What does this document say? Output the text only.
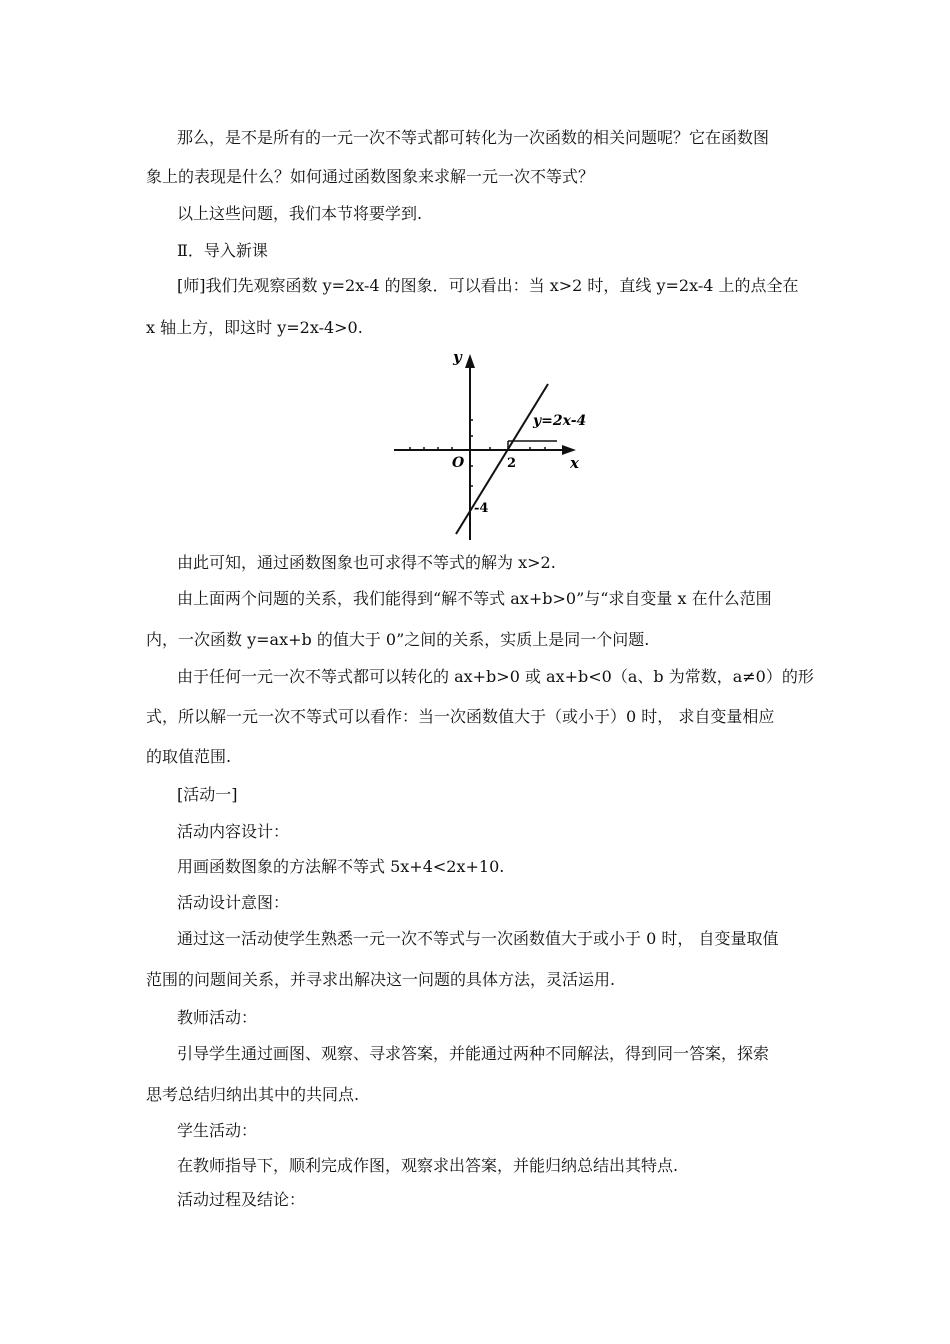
那么，是不是所有的一元一次不等式都可转化为一次函数的相关问题呢？它在函数图
象上的表现是什么？如何通过函数图象来求解一元一次不等式？
以上这些问题，我们本节将要学到.
Ⅱ．导入新课
[师]我们先观察函数 y=2x-4 的图象．可以看出：当 x>2 时，直线 y=2x-4 上的点全在
x 轴上方，即这时 y=2x-4>0.
y
x
O	2
-4
y=2x-4
由此可知，通过函数图象也可求得不等式的解为 x>2.
由上面两个问题的关系，我们能得到“解不等式 ax+b>0”与“求自变量 x 在什么范围
内，一次函数 y=ax+b 的值大于 0”之间的关系，实质上是同一个问题.
由于任何一元一次不等式都可以转化的 ax+b>0 或 ax+b<0（a、b 为常数，a≠0）的形
式，所以解一元一次不等式可以看作：当一次函数值大于（或小于）0 时， 求自变量相应
的取值范围.
[活动一]
活动内容设计：
用画函数图象的方法解不等式 5x+4<2x+10.
活动设计意图：
通过这一活动使学生熟悉一元一次不等式与一次函数值大于或小于 0 时， 自变量取值
范围的问题间关系，并寻求出解决这一问题的具体方法，灵活运用.
教师活动：
引导学生通过画图、观察、寻求答案，并能通过两种不同解法，得到同一答案，探索
思考总结归纳出其中的共同点.
学生活动：
在教师指导下，顺利完成作图，观察求出答案，并能归纳总结出其特点.
活动过程及结论：
